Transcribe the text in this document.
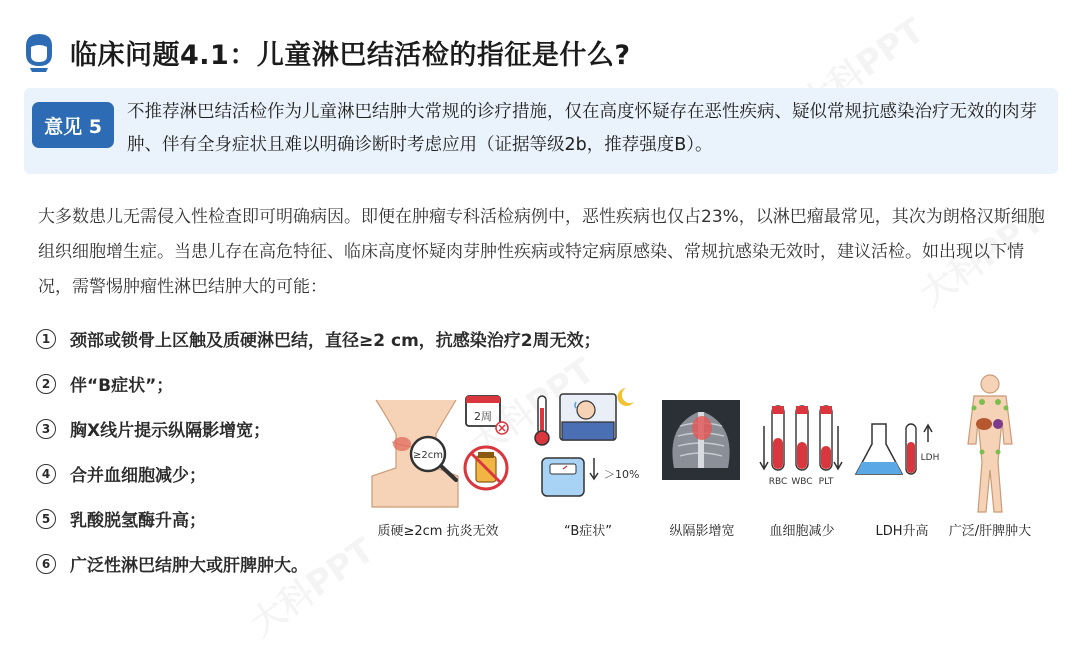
临床问题4.1：儿童淋巴结活检的指征是什么?
意见 5
不推荐淋巴结活检作为儿童淋巴结肿大常规的诊疗措施，仅在高度怀疑存在恶性疾病、疑似常规抗感染治疗无效的肉芽肿、伴有全身症状且难以明确诊断时考虑应用（证据等级2b，推荐强度B）。
大多数患儿无需侵入性检查即可明确病因。即便在肿瘤专科活检病例中，恶性疾病也仅占23%，以淋巴瘤最常见，其次为朗格汉斯细胞组织细胞增生症。当患儿存在高危特征、临床高度怀疑肉芽肿性疾病或特定病原感染、常规抗感染无效时，建议活检。如出现以下情况，需警惕肿瘤性淋巴结肿大的可能：
1	颈部或锁骨上区触及质硬淋巴结，直径≥2 cm，抗感染治疗2周无效；
2	伴“B症状”；
3	胸X线片提示纵隔影增宽；
4	合并血细胞减少；
5	乳酸脱氢酶升高；
6	广泛性淋巴结肿大或肝脾肿大。
≥2cm
2周
＞10%
RBC WBC PLT
LDH
质硬≥2cm 抗炎无效	“B症状”	纵隔影增宽	血细胞减少	LDH升高 广泛/肝脾肿大
